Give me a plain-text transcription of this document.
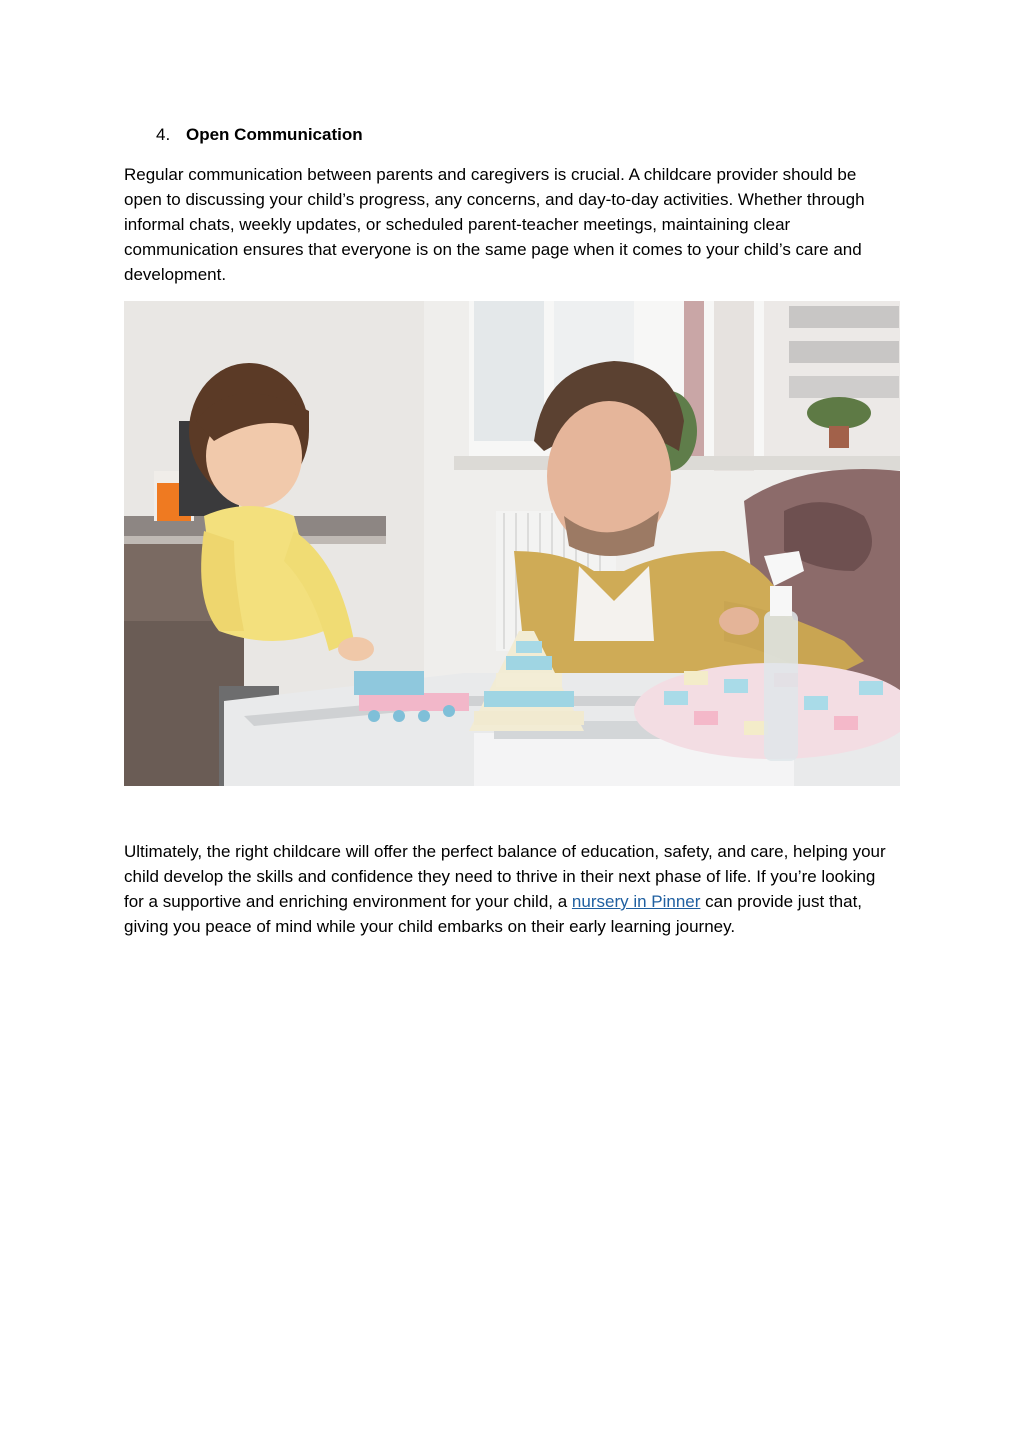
4. Open Communication

Regular communication between parents and caregivers is crucial. A childcare provider should be open to discussing your child’s progress, any concerns, and day-to-day activities. Whether through informal chats, weekly updates, or scheduled parent-teacher meetings, maintaining clear communication ensures that everyone is on the same page when it comes to your child’s care and development.

Ultimately, the right childcare will offer the perfect balance of education, safety, and care, helping your child develop the skills and confidence they need to thrive in their next phase of life. If you’re looking for a supportive and enriching environment for your child, a nursery in Pinner can provide just that, giving you peace of mind while your child embarks on their early learning journey.
